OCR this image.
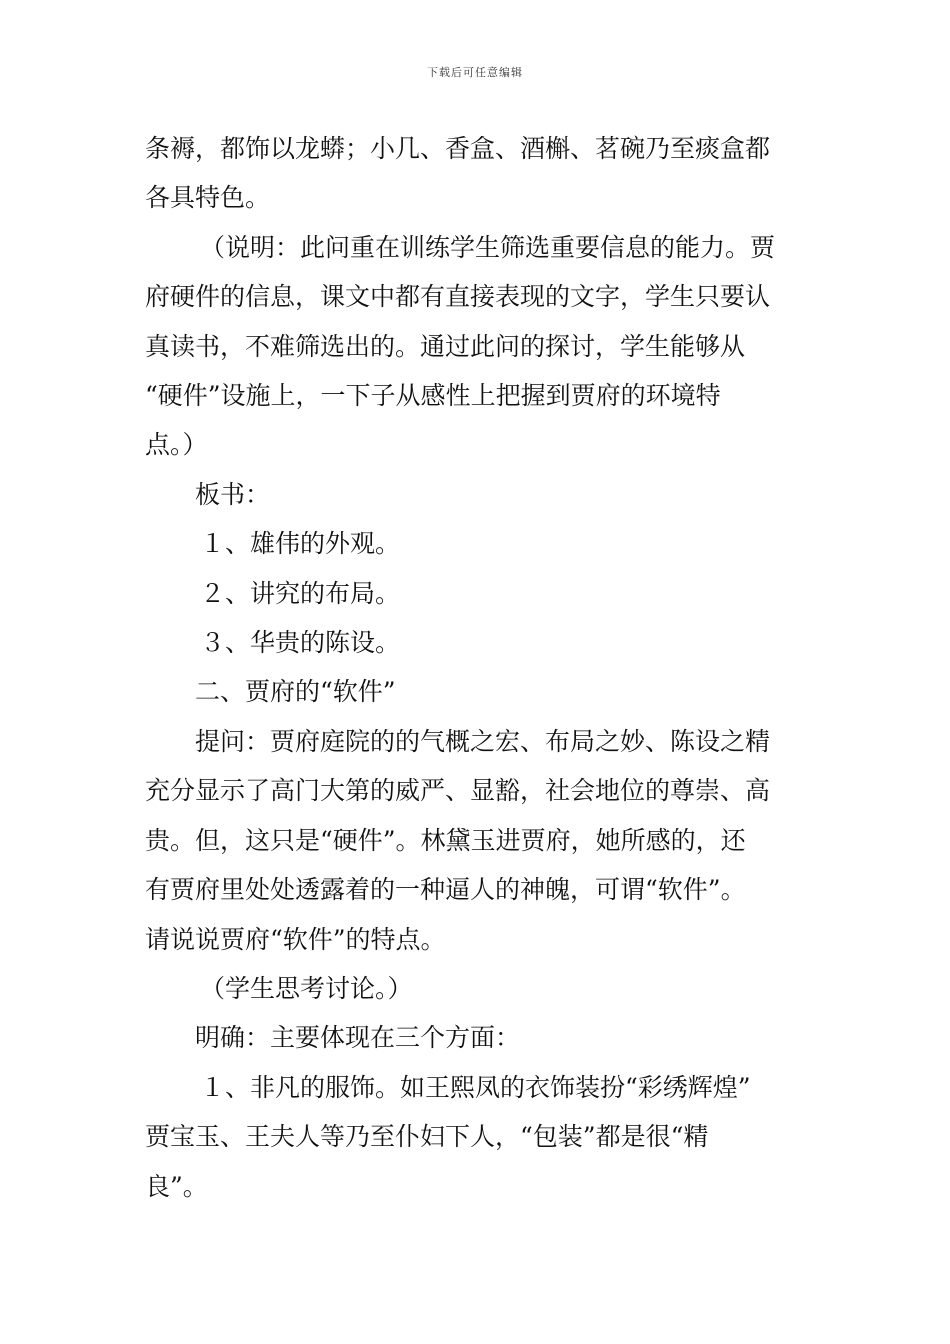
下载后可任意编辑

条褥，都饰以龙蟒；小几、香盒、酒槲、茗碗乃至痰盒都
各具特色。

（说明：此问重在训练学生筛选重要信息的能力。贾
府硬件的信息，课文中都有直接表现的文字，学生只要认
真读书，不难筛选出的。通过此问的探讨，学生能够从
“硬件”设施上，一下子从感性上把握到贾府的环境特
点。）

板书：

１、雄伟的外观。

２、讲究的布局。

３、华贵的陈设。

二、贾府的“软件”

提问：贾府庭院的的气概之宏、布局之妙、陈设之精
充分显示了高门大第的威严、显豁，社会地位的尊崇、高
贵。但，这只是“硬件”。林黛玉进贾府，她所感的，还
有贾府里处处透露着的一种逼人的神魄，可谓“软件”。
请说说贾府“软件”的特点。

（学生思考讨论。）

明确：主要体现在三个方面：

１、非凡的服饰。如王熙凤的衣饰装扮“彩绣辉煌”
贾宝玉、王夫人等乃至仆妇下人，“包装”都是很“精
良”。
